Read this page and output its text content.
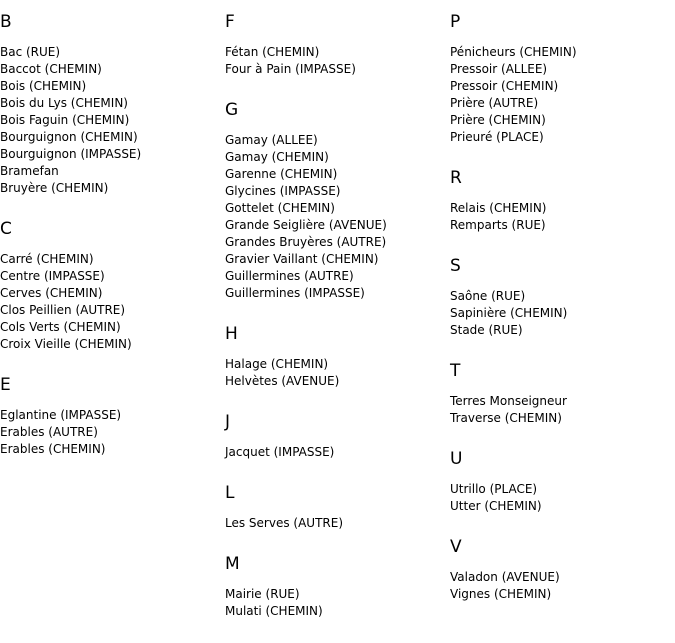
B
Bac (RUE)
Baccot (CHEMIN)
Bois (CHEMIN)
Bois du Lys (CHEMIN)
Bois Faguin (CHEMIN)
Bourguignon (CHEMIN)
Bourguignon (IMPASSE)
Bramefan
Bruyère (CHEMIN)
C
Carré (CHEMIN)
Centre (IMPASSE)
Cerves (CHEMIN)
Clos Peillien (AUTRE)
Cols Verts (CHEMIN)
Croix Vieille (CHEMIN)
E
Eglantine (IMPASSE)
Erables (AUTRE)
Erables (CHEMIN)
F
Fétan (CHEMIN)
Four à Pain (IMPASSE)
G
Gamay (ALLEE)
Gamay (CHEMIN)
Garenne (CHEMIN)
Glycines (IMPASSE)
Gottelet (CHEMIN)
Grande Seiglière (AVENUE)
Grandes Bruyères (AUTRE)
Gravier Vaillant (CHEMIN)
Guillermines (AUTRE)
Guillermines (IMPASSE)
H
Halage (CHEMIN)
Helvètes (AVENUE)
J
Jacquet (IMPASSE)
L
Les Serves (AUTRE)
M
Mairie (RUE)
Mulati (CHEMIN)
P
Pénicheurs (CHEMIN)
Pressoir (ALLEE)
Pressoir (CHEMIN)
Prière (AUTRE)
Prière (CHEMIN)
Prieuré (PLACE)
R
Relais (CHEMIN)
Remparts (RUE)
S
Saône (RUE)
Sapinière (CHEMIN)
Stade (RUE)
T
Terres Monseigneur
Traverse (CHEMIN)
U
Utrillo (PLACE)
Utter (CHEMIN)
V
Valadon (AVENUE)
Vignes (CHEMIN)
